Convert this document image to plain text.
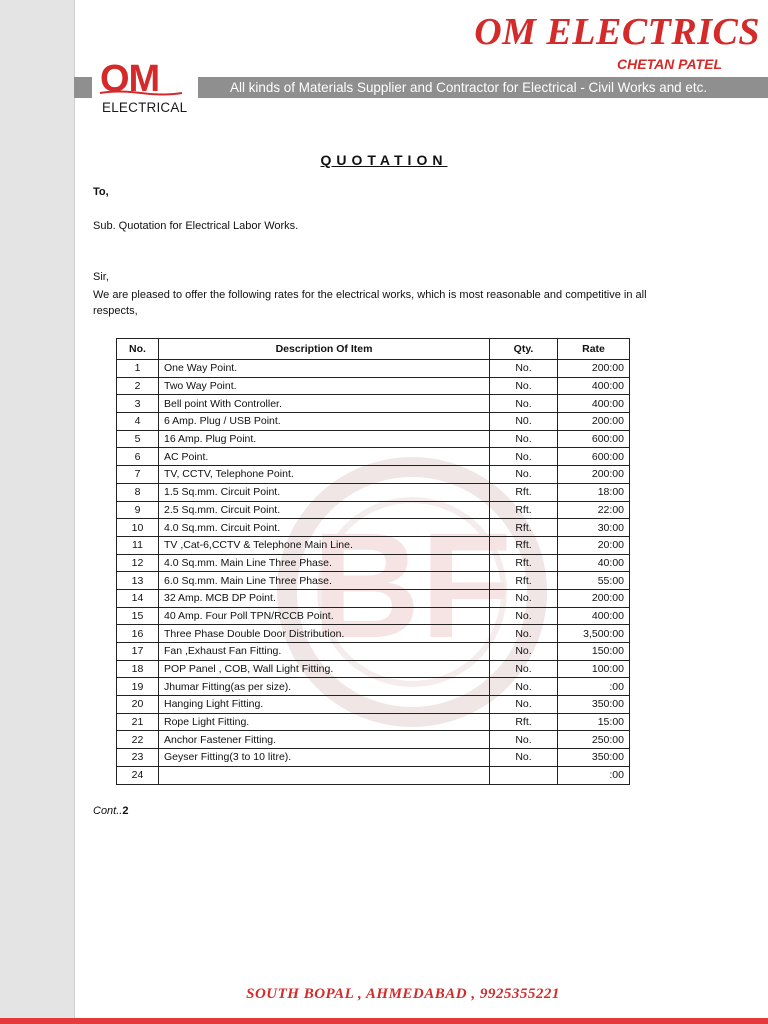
OM ELECTRICS
CHETAN PATEL
All kinds of Materials Supplier and Contractor for Electrical - Civil Works and etc.
OM
ELECTRICAL
BF
QUOTATION
To,
Sub. Quotation for Electrical Labor Works.
Sir,
We are pleased to offer the following rates for the electrical works, which is most reasonable and competitive in all respects,
No.	Description Of Item	Qty.	Rate
1	One Way Point.	No.	200:00
2	Two Way Point.	No.	400:00
3	Bell point With Controller.	No.	400:00
4	6 Amp. Plug / USB Point.	N0.	200:00
5	16 Amp. Plug Point.	No.	600:00
6	AC Point.	No.	600:00
7	TV, CCTV, Telephone Point.	No.	200:00
8	1.5 Sq.mm. Circuit Point.	Rft.	18:00
9	2.5 Sq.mm. Circuit Point.	Rft.	22:00
10	4.0 Sq.mm. Circuit Point.	Rft.	30:00
11	TV ,Cat-6,CCTV & Telephone Main Line.	Rft.	20:00
12	4.0 Sq.mm. Main Line Three Phase.	Rft.	40:00
13	6.0 Sq.mm. Main Line Three Phase.	Rft.	55:00
14	32 Amp. MCB DP Point.	No.	200:00
15	40 Amp. Four Poll TPN/RCCB Point.	No.	400:00
16	Three Phase Double Door Distribution.	No.	3,500:00
17	Fan ,Exhaust Fan Fitting.	No.	150:00
18	POP Panel , COB, Wall Light Fitting.	No.	100:00
19	Jhumar Fitting(as per size).	No.	:00
20	Hanging Light Fitting.	No.	350:00
21	Rope Light Fitting.	Rft.	15:00
22	Anchor Fastener Fitting.	No.	250:00
23	Geyser Fitting(3 to 10 litre).	No.	350:00
24			:00
Cont..2
SOUTH BOPAL , AHMEDABAD , 9925355221
